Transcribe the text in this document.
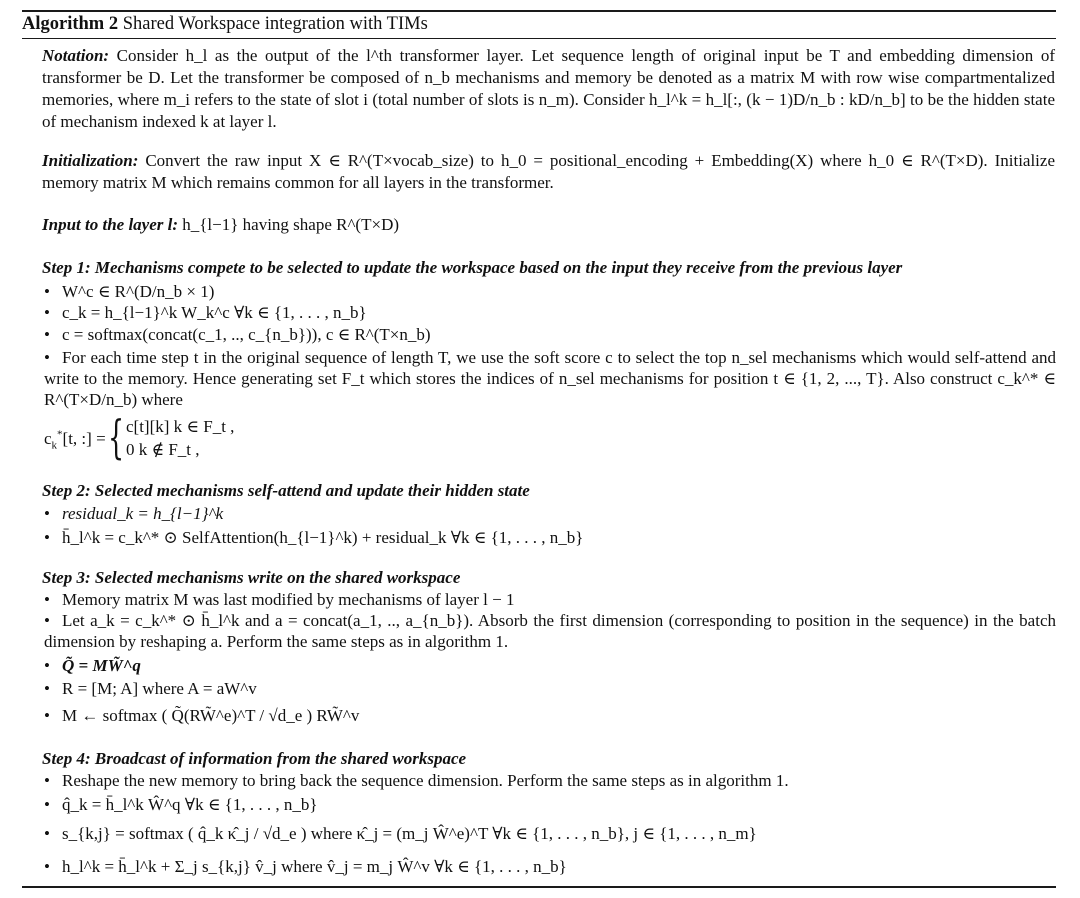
Algorithm 2 Shared Workspace integration with TIMs

Notation: Consider h_l as the output of the l^th transformer layer. Let sequence length of original input be T and embedding dimension of transformer be D. Let the transformer be composed of n_b mechanisms and memory be denoted as a matrix M with row wise compartmentalized memories, where m_i refers to the state of slot i (total number of slots is n_m). Consider h_l^k = h_l[:, (k − 1)D/n_b : kD/n_b] to be the hidden state of mechanism indexed k at layer l.

Initialization: Convert the raw input X ∈ R^(T×vocab_size) to h_0 = positional_encoding + Embedding(X) where h_0 ∈ R^(T×D). Initialize memory matrix M which remains common for all layers in the transformer.

Input to the layer l: h_{l−1} having shape R^(T×D)

Step 1: Mechanisms compete to be selected to update the workspace based on the input they receive from the previous layer

• W^c ∈ R^(D/n_b × 1)
• c_k = h_{l−1}^k W_k^c ∀k ∈ {1, . . . , n_b}
• c = softmax(concat(c_1, .., c_{n_b})), c ∈ R^(T×n_b)
• For each time step t in the original sequence of length T, we use the soft score c to select the top n_sel mechanisms which would self-attend and write to the memory. Hence generating set F_t which stores the indices of n_sel mechanisms for position t ∈ {1, 2, ..., T}. Also construct c_k^* ∈ R^(T×D/n_b) where
$c_k^*[t$, :] = { c[t][k] k ∈ F_t ,
0 k ∉ F_t ,

Step 2: Selected mechanisms self-attend and update their hidden state

• residual_k = h_{l−1}^k
• h̄_l^k = c_k^* ⊙ SelfAttention(h_{l−1}^k) + residual_k ∀k ∈ {1, . . . , n_b}

Step 3: Selected mechanisms write on the shared workspace

• Memory matrix M was last modified by mechanisms of layer l − 1
• Let a_k = c_k^* ⊙ h̄_l^k and a = concat(a_1, .., a_{n_b}). Absorb the first dimension (corresponding to position in the sequence) in the batch dimension by reshaping a. Perform the same steps as in algorithm 1.
• Q̃ = MW̃^q
• R = [M; A] where A = aW^v
• M ← softmax ( Q̃(RW̃^e)^T / √d_e ) RW̃^v

Step 4: Broadcast of information from the shared workspace

• Reshape the new memory to bring back the sequence dimension. Perform the same steps as in algorithm 1.
• q̂_k = h̄_l^k Ŵ^q ∀k ∈ {1, . . . , n_b}
• s_{k,j} = softmax ( q̂_k κ̂_j / √d_e ) where κ̂_j = (m_j Ŵ^e)^T ∀k ∈ {1, . . . , n_b}, j ∈ {1, . . . , n_m}
• h_l^k = h̄_l^k + Σ_j s_{k,j} v̂_j where v̂_j = m_j Ŵ^v ∀k ∈ {1, . . . , n_b}
